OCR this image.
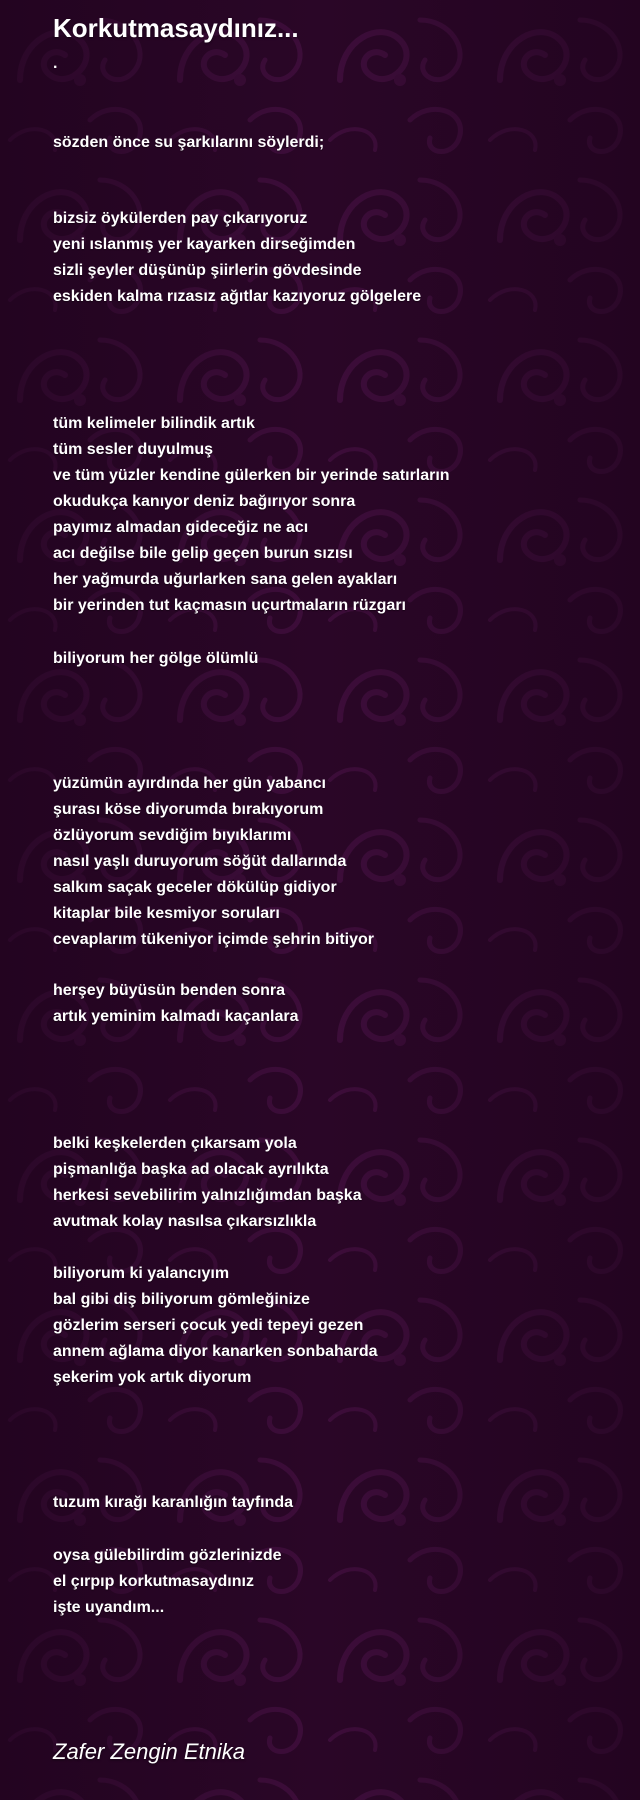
Korkutmasaydınız...
.
sözden önce su şarkılarını söylerdi;
bizsiz öykülerden pay çıkarıyoruz
yeni ıslanmış yer kayarken dirseğimden
sizli şeyler düşünüp şiirlerin gövdesinde
eskiden kalma rızasız ağıtlar kazıyoruz gölgelere
tüm kelimeler bilindik artık
tüm sesler duyulmuş
ve tüm yüzler kendine gülerken bir yerinde satırların
okudukça kanıyor deniz bağırıyor sonra
payımız almadan gideceğiz ne acı
acı değilse bile gelip geçen burun sızısı
her yağmurda uğurlarken sana gelen ayakları
bir yerinden tut kaçmasın uçurtmaların rüzgarı
biliyorum her gölge ölümlü
yüzümün ayırdında her gün yabancı
şurası köse diyorumda bırakıyorum
özlüyorum sevdiğim bıyıklarımı
nasıl yaşlı duruyorum söğüt dallarında
salkım saçak geceler dökülüp gidiyor
kitaplar bile kesmiyor soruları
cevaplarım tükeniyor içimde şehrin bitiyor
herşey büyüsün benden sonra
artık yeminim kalmadı kaçanlara
belki keşkelerden çıkarsam yola
pişmanlığa başka ad olacak ayrılıkta
herkesi sevebilirim yalnızlığımdan başka
avutmak kolay nasılsa çıkarsızlıkla
biliyorum ki yalancıyım
bal gibi diş biliyorum gömleğinize
gözlerim serseri çocuk yedi tepeyi gezen
annem ağlama diyor kanarken sonbaharda
şekerim yok artık diyorum
tuzum kırağı karanlığın tayfında
oysa gülebilirdim gözlerinizde
el çırpıp korkutmasaydınız
işte uyandım...
Zafer Zengin Etnika
